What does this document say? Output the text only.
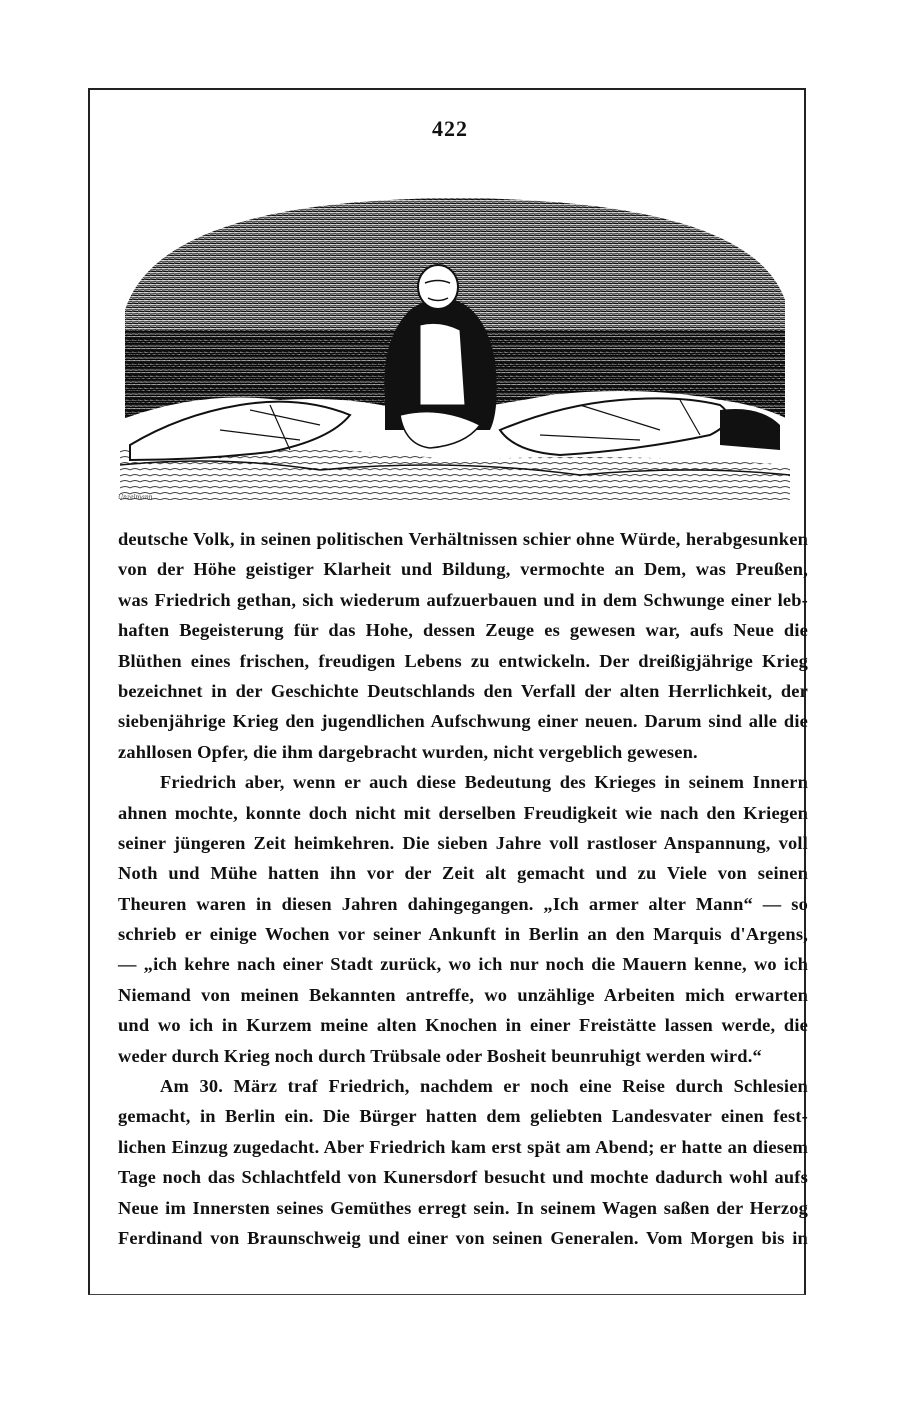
422
Unzelmann
deutsche Volk, in seinen politischen Verhältnissen schier ohne Würde, herabgesunken
von der Höhe geistiger Klarheit und Bildung, vermochte an Dem, was Preußen,
was Friedrich gethan, sich wiederum aufzuerbauen und in dem Schwunge einer leb-
haften Begeisterung für das Hohe, dessen Zeuge es gewesen war, aufs Neue die
Blüthen eines frischen, freudigen Lebens zu entwickeln. Der dreißigjährige Krieg
bezeichnet in der Geschichte Deutschlands den Verfall der alten Herrlichkeit, der
siebenjährige Krieg den jugendlichen Aufschwung einer neuen. Darum sind alle die
zahllosen Opfer, die ihm dargebracht wurden, nicht vergeblich gewesen.
Friedrich aber, wenn er auch diese Bedeutung des Krieges in seinem Innern
ahnen mochte, konnte doch nicht mit derselben Freudigkeit wie nach den Kriegen
seiner jüngeren Zeit heimkehren. Die sieben Jahre voll rastloser Anspannung, voll
Noth und Mühe hatten ihn vor der Zeit alt gemacht und zu Viele von seinen
Theuren waren in diesen Jahren dahingegangen. „Ich armer alter Mann“ — so
schrieb er einige Wochen vor seiner Ankunft in Berlin an den Marquis d'Argens,
— „ich kehre nach einer Stadt zurück, wo ich nur noch die Mauern kenne, wo ich
Niemand von meinen Bekannten antreffe, wo unzählige Arbeiten mich erwarten
und wo ich in Kurzem meine alten Knochen in einer Freistätte lassen werde, die
weder durch Krieg noch durch Trübsale oder Bosheit beunruhigt werden wird.“
Am 30. März traf Friedrich, nachdem er noch eine Reise durch Schlesien
gemacht, in Berlin ein. Die Bürger hatten dem geliebten Landesvater einen fest-
lichen Einzug zugedacht. Aber Friedrich kam erst spät am Abend; er hatte an diesem
Tage noch das Schlachtfeld von Kunersdorf besucht und mochte dadurch wohl aufs
Neue im Innersten seines Gemüthes erregt sein. In seinem Wagen saßen der Herzog
Ferdinand von Braunschweig und einer von seinen Generalen. Vom Morgen bis in
